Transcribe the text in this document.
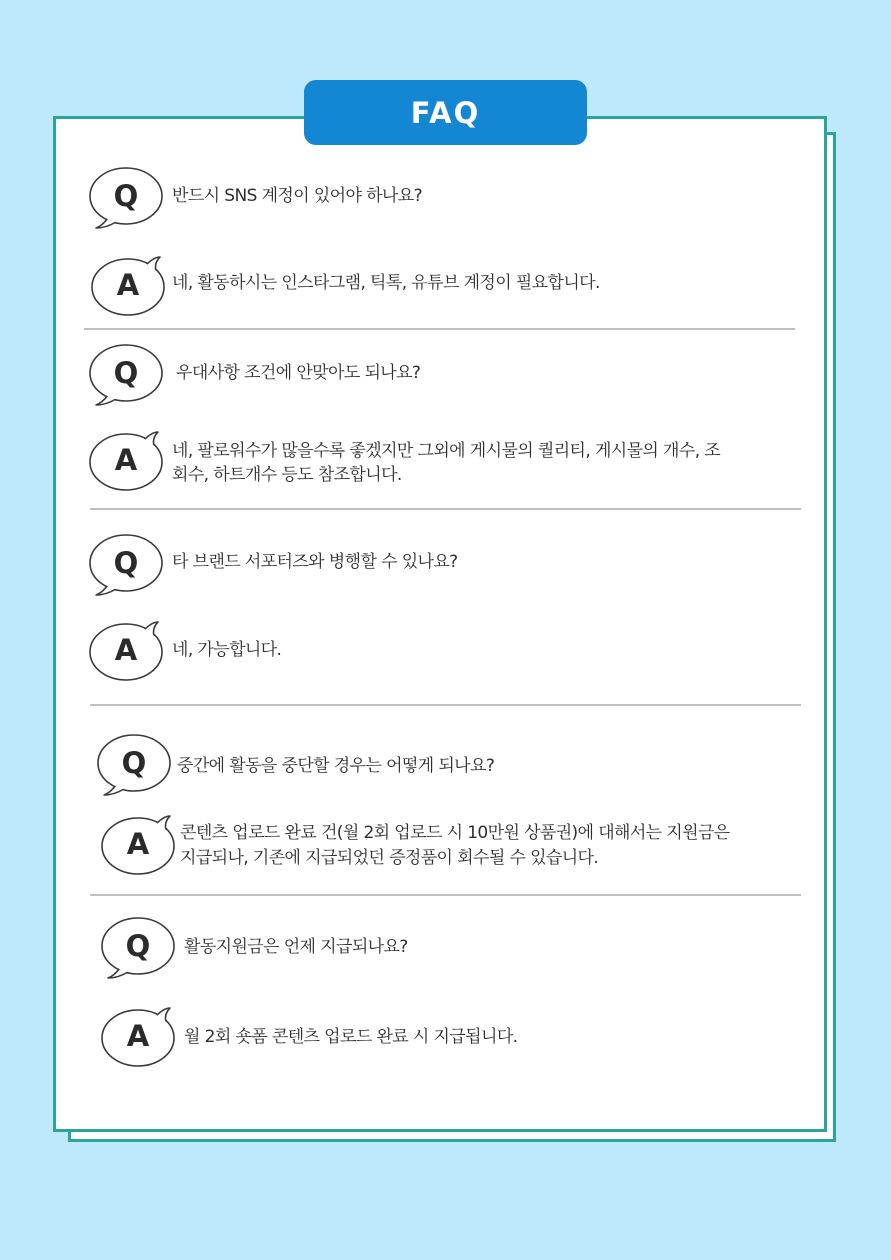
FAQ
Q	반드시 SNS 계정이 있어야 하나요?
A	네, 활동하시는 인스타그램, 틱톡, 유튜브 계정이 필요합니다.
Q	우대사항 조건에 안맞아도 되나요?
A	네, 팔로워수가 많을수록 좋겠지만 그외에 게시물의 퀄리티, 게시물의 개수, 조
회수, 하트개수 등도 참조합니다.
Q	타 브랜드 서포터즈와 병행할 수 있나요?
A	네, 가능합니다.
Q	중간에 활동을 중단할 경우는 어떻게 되나요?
A	콘텐츠 업로드 완료 건(월 2회 업로드 시 10만원 상품권)에 대해서는 지원금은
지급되나, 기존에 지급되었던 증정품이 회수될 수 있습니다.
Q	활동지원금은 언제 지급되나요?
A	월 2회 숏폼 콘텐츠 업로드 완료 시 지급됩니다.
